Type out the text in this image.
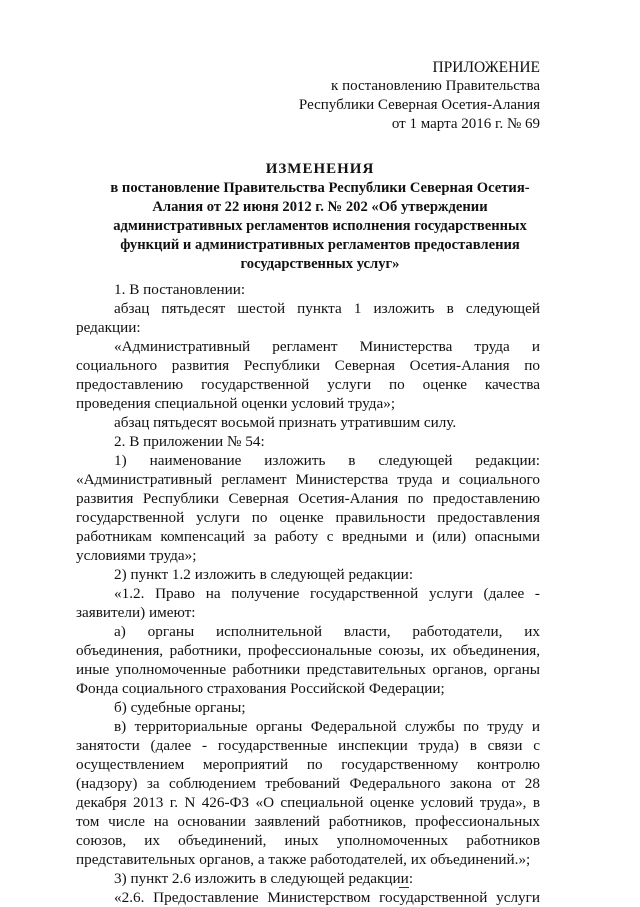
ПРИЛОЖЕНИЕ
к постановлению Правительства
Республики Северная Осетия-Алания
от 1 марта 2016 г. № 69
ИЗМЕНЕНИЯ
в постановление Правительства Республики Северная Осетия-Алания от 22 июня 2012 г. № 202 «Об утверждении административных регламентов исполнения государственных функций и административных регламентов предоставления государственных услуг»

1. В постановлении:

абзац пятьдесят шестой пункта 1 изложить в следующей редакции:

«Административный регламент Министерства труда и социального развития Республики Северная Осетия-Алания по предоставлению государственной услуги по оценке качества проведения специальной оценки условий труда»;

абзац пятьдесят восьмой признать утратившим силу.

2. В приложении № 54:

1) наименование изложить в следующей редакции: «Административный регламент Министерства труда и социального развития Республики Северная Осетия-Алания по предоставлению государственной услуги по оценке правильности предоставления работникам компенсаций за работу с вредными и (или) опасными условиями труда»;

2) пункт 1.2 изложить в следующей редакции:

«1.2. Право на получение государственной услуги (далее - заявители) имеют:

а) органы исполнительной власти, работодатели, их объединения, работники, профессиональные союзы, их объединения, иные уполномоченные работники представительных органов, органы Фонда социального страхования Российской Федерации;

б) судебные органы;

в) территориальные органы Федеральной службы по труду и занятости (далее - государственные инспекции труда) в связи с осуществлением мероприятий по государственному контролю (надзору) за соблюдением требований Федерального закона от 28 декабря 2013 г. N 426-ФЗ «О специальной оценке условий труда», в том числе на основании заявлений работников, профессиональных союзов, их объединений, иных уполномоченных работников представительных органов, а также работодателей, их объединений.»;

3) пункт 2.6 изложить в следующей редакции:

«2.6. Предоставление Министерством государственной услуги
